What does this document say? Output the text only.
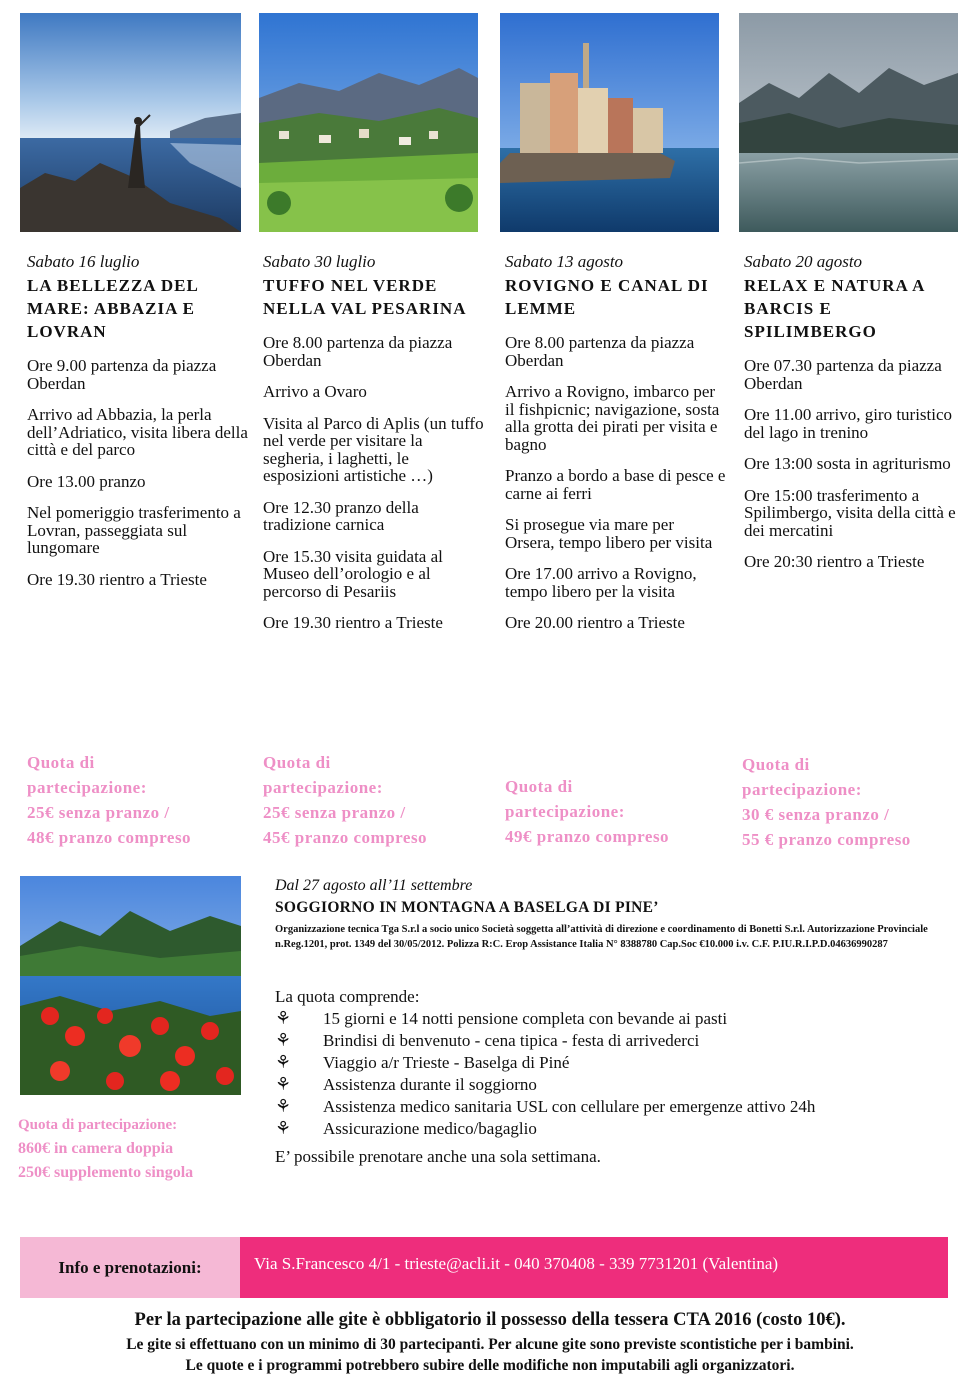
Sabato 16 luglio
LA BELLEZZA DEL MARE: ABBAZIA E LOVRAN
Ore 9.00 partenza da piazza Oberdan
Arrivo ad Abbazia, la perla dell’Adriatico, visita libera della città e del parco
Ore 13.00 pranzo
Nel pomeriggio trasferimento a Lovran, passeggiata sul lungomare
Ore 19.30 rientro a Trieste
Quota di
partecipazione:
25€ senza pranzo /
48€ pranzo compreso
Sabato 30 luglio
TUFFO NEL VERDE NELLA VAL PESARINA
Ore 8.00 partenza da piazza Oberdan
Arrivo a Ovaro
Visita al Parco di Aplis (un tuffo nel verde per visitare la segheria, i laghetti, le esposizioni artistiche …)
Ore 12.30 pranzo della tradizione carnica
Ore 15.30 visita guidata al Museo dell’orologio e al percorso di Pesariis
Ore 19.30 rientro a Trieste
Quota di
partecipazione:
25€ senza pranzo /
45€ pranzo compreso
Sabato 13 agosto
ROVIGNO E CANAL DI LEMME
Ore 8.00 partenza da piazza Oberdan
Arrivo a Rovigno, imbarco per il fishpicnic; navigazione, sosta alla grotta dei pirati per visita e bagno
Pranzo a bordo a base di pesce e carne ai ferri
Si prosegue via mare per Orsera, tempo libero per visita
Ore 17.00 arrivo a Rovigno, tempo libero per la visita
Ore 20.00 rientro a Trieste
Quota di
partecipazione:
49€ pranzo compreso
Sabato 20 agosto
RELAX E NATURA A BARCIS E SPILIMBERGO
Ore 07.30 partenza da piazza Oberdan
Ore 11.00 arrivo, giro turistico del lago in trenino
Ore 13:00 sosta in agriturismo
Ore 15:00 trasferimento a Spilimbergo, visita della città e dei mercatini
Ore 20:30 rientro a Trieste
Quota di
partecipazione:
30 € senza pranzo /
55 € pranzo compreso
Dal 27 agosto all’11 settembre
SOGGIORNO IN MONTAGNA A BASELGA DI PINE’
Organizzazione tecnica Tga S.r.l a socio unico Società soggetta all’attività di direzione e coordinamento di Bonetti S.r.l. Autorizzazione Provinciale n.Reg.1201, prot. 1349 del 30/05/2012. Polizza R:C. Erop Assistance Italia N° 8388780 Cap.Soc €10.000 i.v. C.F. P.IU.R.I.P.D.04636990287
La quota comprende:
⚘ 15 giorni e 14 notti pensione completa con bevande ai pasti
⚘ Brindisi di benvenuto - cena tipica - festa di arrivederci
⚘ Viaggio a/r Trieste - Baselga di Piné
⚘ Assistenza durante il soggiorno
⚘ Assistenza medico sanitaria USL con cellulare per emergenze attivo 24h
⚘ Assicurazione medico/bagaglio
E’ possibile prenotare anche una sola settimana.
Quota di partecipazione:
860€ in camera doppia
250€ supplemento singola
Info e prenotazioni:	Via S.Francesco 4/1 - trieste@acli.it - 040 370408 - 339 7731201 (Valentina)
Per la partecipazione alle gite è obbligatorio il possesso della tessera CTA 2016 (costo 10€).
Le gite si effettuano con un minimo di 30 partecipanti. Per alcune gite sono previste scontistiche per i bambini.
Le quote e i programmi potrebbero subire delle modifiche non imputabili agli organizzatori.
